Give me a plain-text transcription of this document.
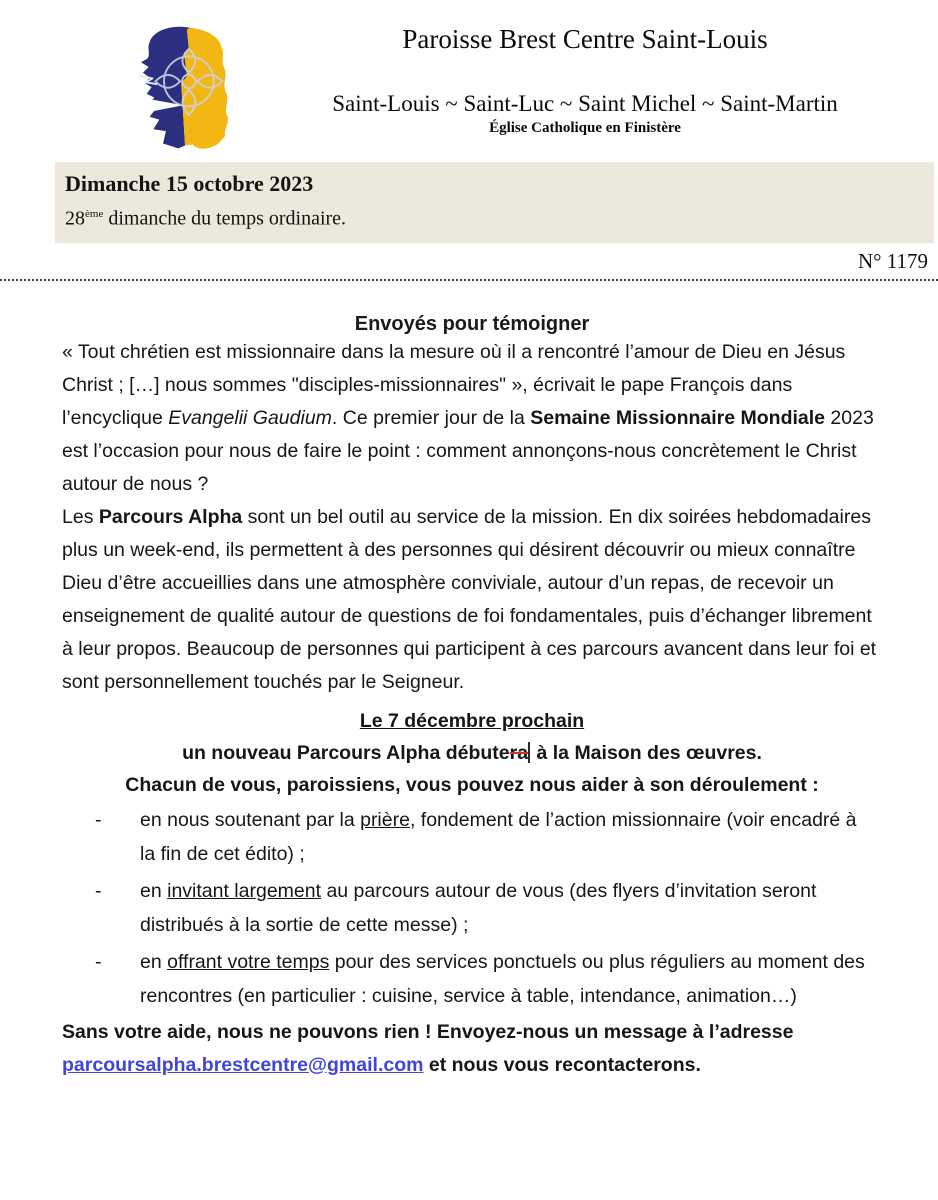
Paroisse Brest Centre Saint-Louis
Saint-Louis ~ Saint-Luc ~ Saint Michel ~ Saint-Martin
Église Catholique en Finistère
Dimanche 15 octobre 2023
28ème dimanche du temps ordinaire.
N° 1179
Envoyés pour témoigner

« Tout chrétien est missionnaire dans la mesure où il a rencontré l’amour de Dieu en Jésus Christ ; […] nous sommes "disciples-missionnaires" », écrivait le pape François dans l’encyclique Evangelii Gaudium. Ce premier jour de la Semaine Missionnaire Mondiale 2023 est l’occasion pour nous de faire le point : comment annonçons-nous concrètement le Christ autour de nous ?

Les Parcours Alpha sont un bel outil au service de la mission. En dix soirées hebdomadaires plus un week-end, ils permettent à des personnes qui désirent découvrir ou mieux connaître Dieu d’être accueillies dans une atmosphère conviviale, autour d’un repas, de recevoir un enseignement de qualité autour de questions de foi fondamentales, puis d’échanger librement à leur propos. Beaucoup de personnes qui participent à ces parcours avancent dans leur foi et sont personnellement touchés par le Seigneur.

Le 7 décembre prochain
un nouveau Parcours Alpha débutera à la Maison des œuvres.
Chacun de vous, paroissiens, vous pouvez nous aider à son déroulement :
-	en nous soutenant par la prière, fondement de l’action missionnaire (voir encadré à la fin de cet édito) ;
-	en invitant largement au parcours autour de vous (des flyers d’invitation seront distribués à la sortie de cette messe) ;
-	en offrant votre temps pour des services ponctuels ou plus réguliers au moment des rencontres (en particulier : cuisine, service à table, intendance, animation…)

Sans votre aide, nous ne pouvons rien ! Envoyez-nous un message à l’adresse parcoursalpha.brestcentre@gmail.com et nous vous recontacterons.
